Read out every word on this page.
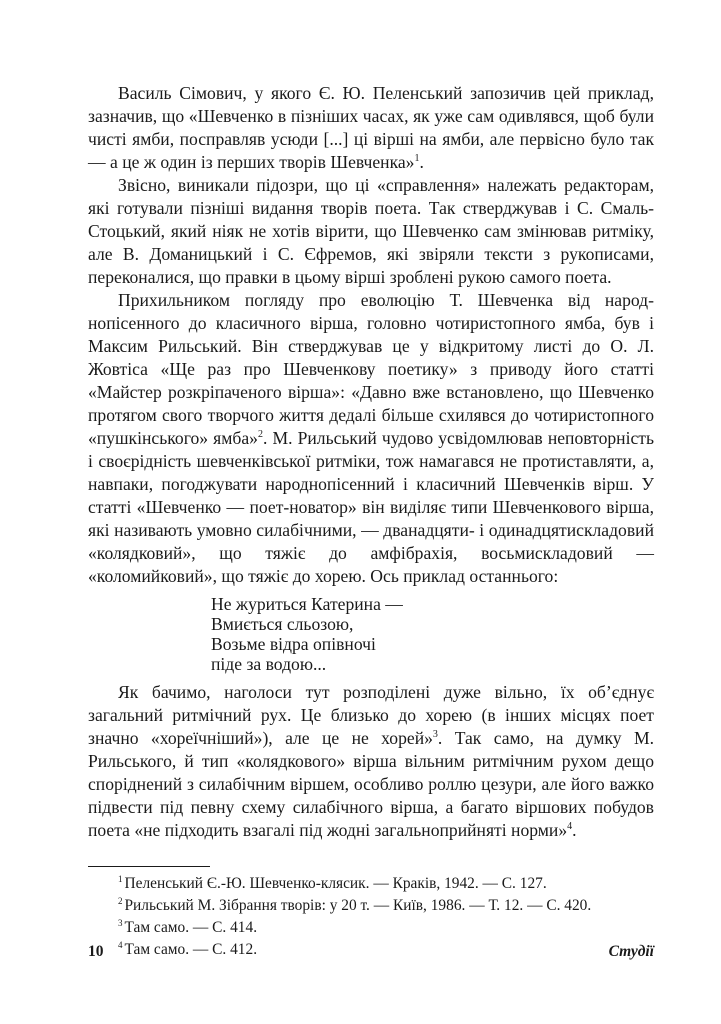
Василь Сімович, у якого Є. Ю. Пеленський запозичив цей приклад, зазначив, що «Шевченко в пізніших часах, як уже сам одивлявся, щоб були чисті ямби, посправляв усюди [...] ці вірші на ямби, але первісно було так — а це ж один із перших творів Шевченка»$^1$.

Звісно, виникали підозри, що ці «справлення» належать редакторам, які готували пізніші видання творів поета. Так стверджував і С. Смаль-Стоцький, який ніяк не хотів вірити, що Шевченко сам змінював ритміку, але В. Доманицький і С. Єфремов, які звіряли тексти з рукописами, переконалися, що правки в цьому вірші зроблені рукою самого поета.

Прихильником погляду про еволюцію Т. Шевченка від народнопісенного до класичного вірша, головно чотиристопного ямба, був і Максим Рильський. Він стверджував це у відкритому листі до О. Л. Жовтіса «Ще раз про Шевченкову поетику» з приводу його статті «Майстер розкріпаченого вірша»: «Давно вже встановлено, що Шевченко протягом свого творчого життя дедалі більше схилявся до чотиристопного «пушкінського» ямба»$^2$. М. Рильський чудово усвідомлював неповторність і своєрідність шевченківської ритміки, тож намагався не протиставляти, а, навпаки, погоджувати народнопісенний і класичний Шевченків вірш. У статті «Шевченко — поет-новатор» він виділяє типи Шевченкового вірша, які називають умовно силабічними, — дванадцяти- і одинадцятискладовий «колядковий», що тяжіє до амфібрахія, восьмискладовий — «коломийковий», що тяжіє до хорею. Ось приклад останнього:

Не журиться Катерина —
Вмиється сльозою,
Возьме відра опівночі
піде за водою...

Як бачимо, наголоси тут розподілені дуже вільно, їх об’єднує загальний ритмічний рух. Це близько до хорею (в інших місцях поет значно «хореїчніший»), але це не хорей»$^3$. Так само, на думку М. Рильського, й тип «колядкового» вірша вільним ритмічним рухом дещо споріднений з силабічним віршем, особливо роллю цезури, але його важко підвести під певну схему силабічного вірша, а багато віршових побудов поета «не підходить взагалі під жодні загальноприйняті норми»$^4$.

$^1$ Пеленський Є.-Ю. Шевченко-клясик. — Краків, 1942. — С. 127.
$^2$ Рильський М. Зібрання творів: у 20 т. — Київ, 1986. — Т. 12. — С. 420.
$^3$ Там само. — С. 414.
$^4$ Там само. — С. 412.
10	Студії
